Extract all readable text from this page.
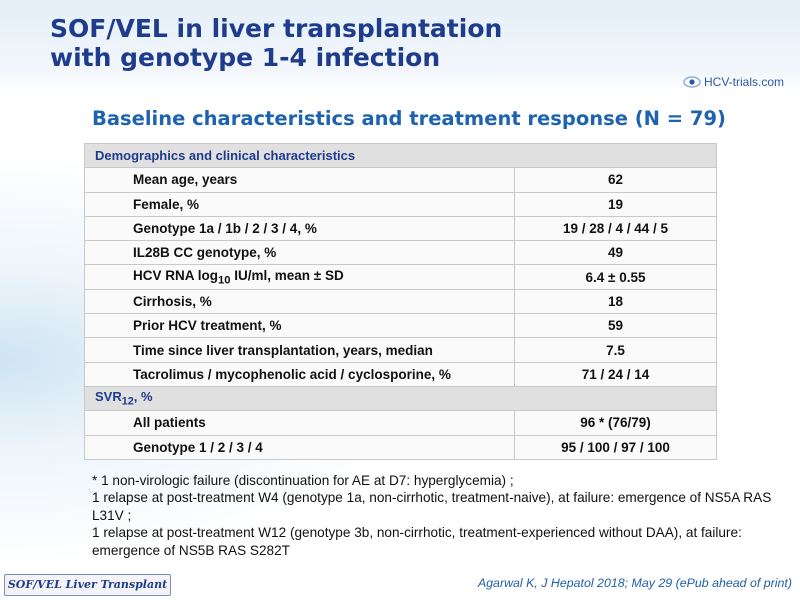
SOF/VEL in liver transplantation
with genotype 1-4 infection
HCV-trials.com
Baseline characteristics and treatment response (N = 79)
Demographics and clinical characteristics	
Mean age, years	62
Female, %	19
Genotype 1a / 1b / 2 / 3 / 4, %	19 / 28 / 4 / 44 / 5
IL28B CC genotype, %	49
HCV RNA $\log_{10} IU/ml$, mean ± SD	6.4 ± 0.55
Cirrhosis, %	18
Prior HCV treatment, %	59
Time since liver transplantation, years, median	7.5
Tacrolimus / mycophenolic acid / cyclosporine, %	71 / 24 / 14
$SVR_{12}$, %	
All patients	96 * (76/79)
Genotype 1 / 2 / 3 / 4	95 / 100 / 97 / 100

* 1 non-virologic failure (discontinuation for AE at D7: hyperglycemia) ;

1 relapse at post-treatment W4 (genotype 1a, non-cirrhotic, treatment-naive), at failure: emergence of NS5A RAS L31V ;

1 relapse at post-treatment W12 (genotype 3b, non-cirrhotic, treatment-experienced without DAA), at failure: emergence of NS5B RAS S282T

SOF/VEL Liver Transplant	Agarwal K, J Hepatol 2018; May 29 (ePub ahead of print)
